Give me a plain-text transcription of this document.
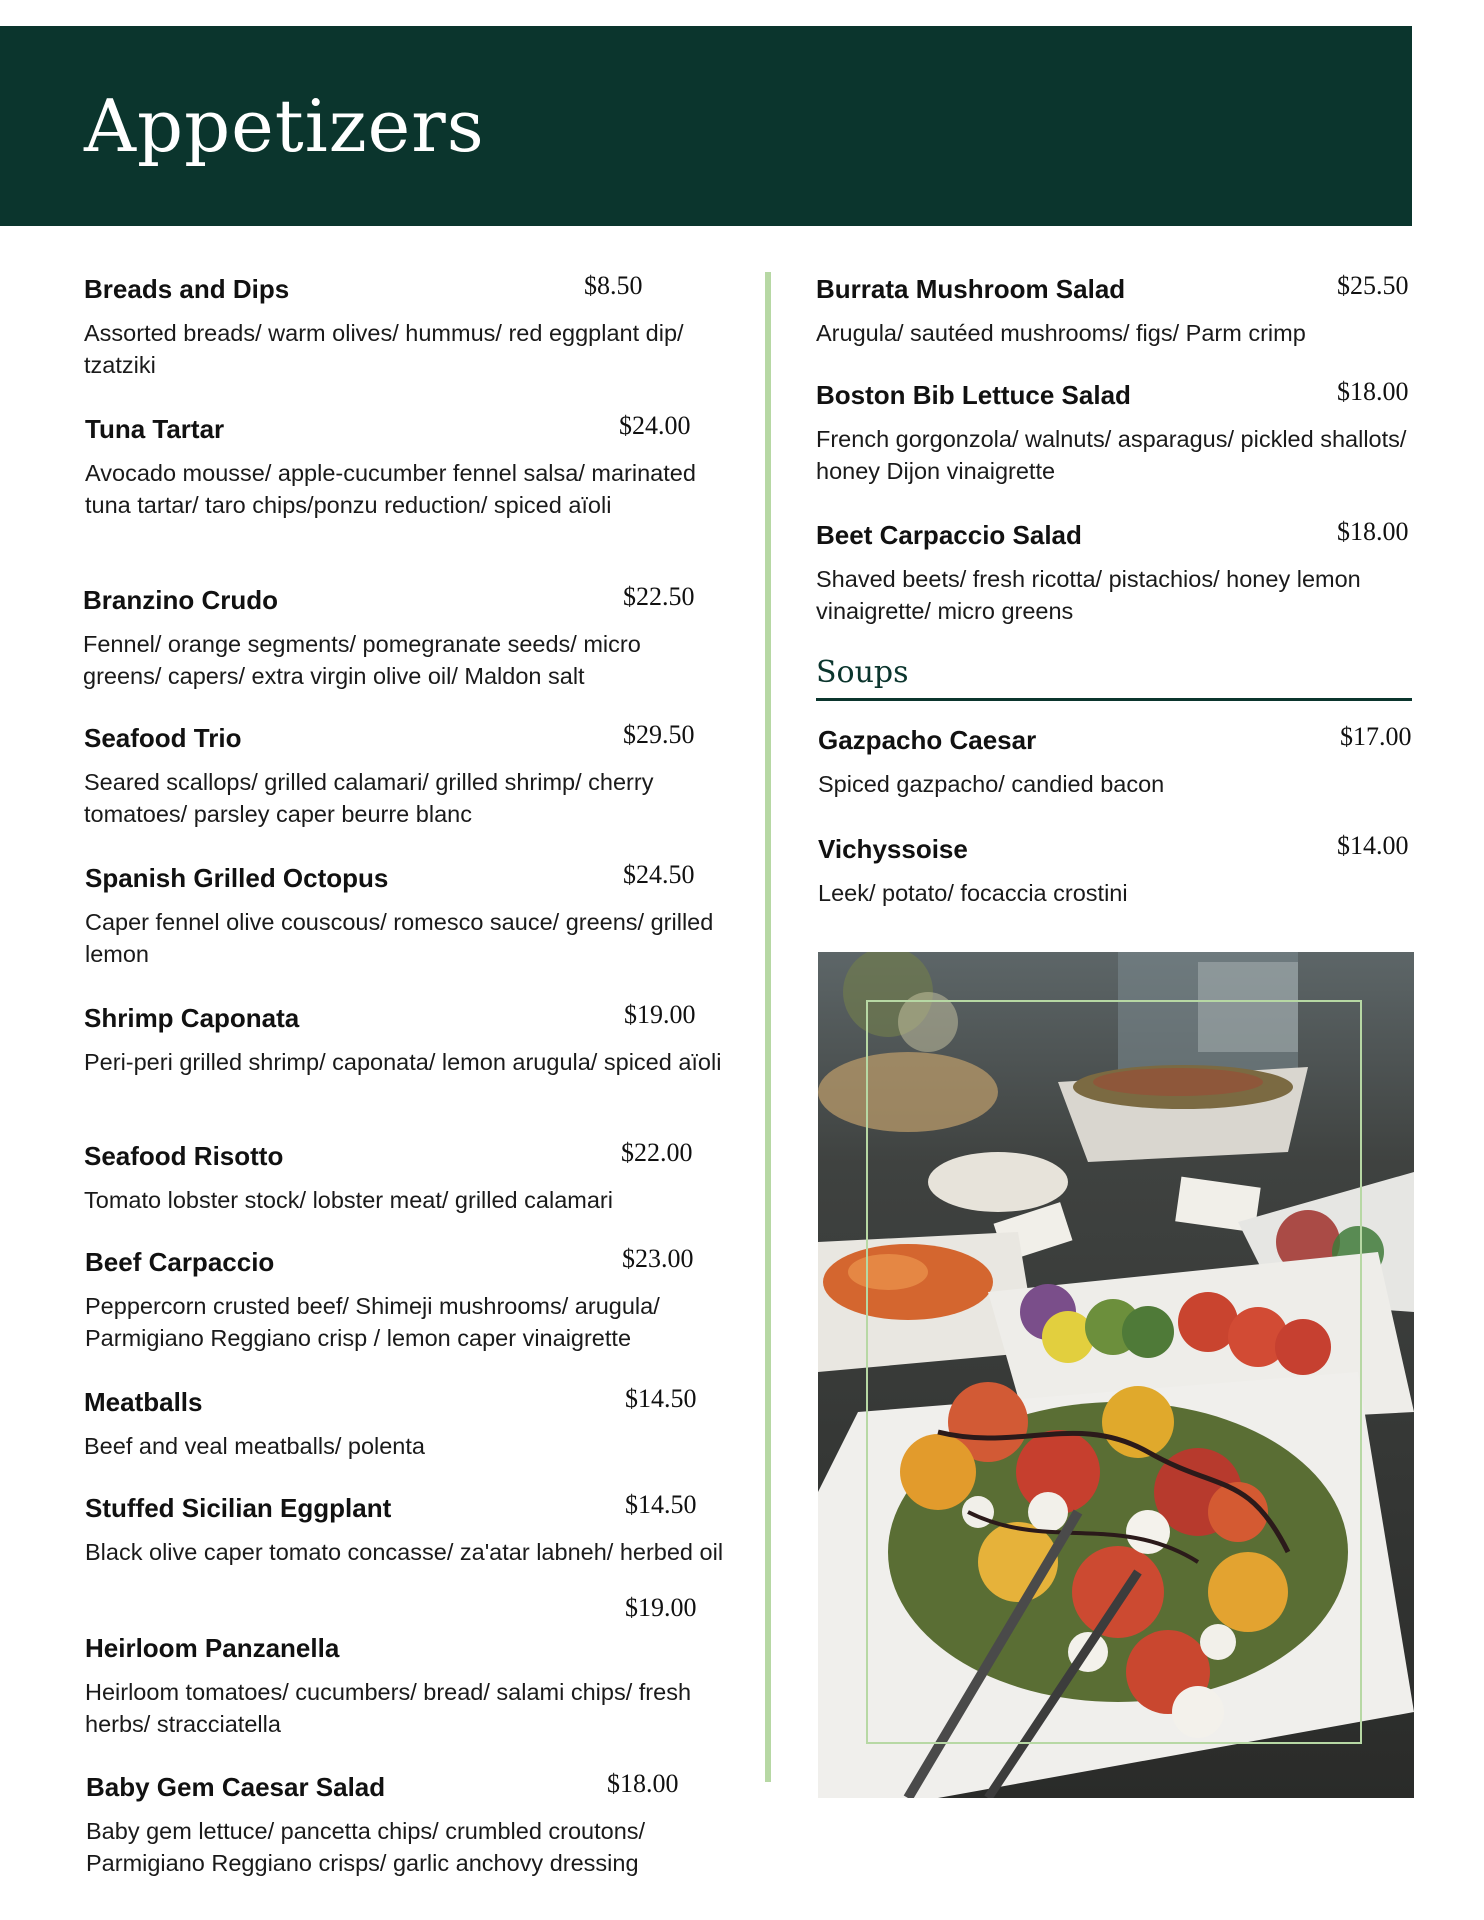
Appetizers
Breads and Dips	$8.50
Assorted breads/ warm olives/ hummus/ red eggplant dip/ tzatziki
Tuna Tartar	$24.00
Avocado mousse/ apple-cucumber fennel salsa/ marinated tuna tartar/ taro chips/ponzu reduction/ spiced aïoli
Branzino Crudo	$22.50
Fennel/ orange segments/ pomegranate seeds/ micro greens/ capers/ extra virgin olive oil/ Maldon salt
Seafood Trio	$29.50
Seared scallops/ grilled calamari/ grilled shrimp/ cherry tomatoes/ parsley caper beurre blanc
Spanish Grilled Octopus	$24.50
Caper fennel olive couscous/ romesco sauce/ greens/ grilled lemon
Shrimp Caponata	$19.00
Peri-peri grilled shrimp/ caponata/ lemon arugula/ spiced aïoli
Seafood Risotto	$22.00
Tomato lobster stock/ lobster meat/ grilled calamari
Beef Carpaccio	$23.00
Peppercorn crusted beef/ Shimeji mushrooms/ arugula/ Parmigiano Reggiano crisp / lemon caper vinaigrette
Meatballs	$14.50
Beef and veal meatballs/ polenta
Stuffed Sicilian Eggplant	$14.50
Black olive caper tomato concasse/ za'atar labneh/ herbed oil
Heirloom Panzanella
$19.00
Heirloom tomatoes/ cucumbers/ bread/ salami chips/ fresh herbs/ stracciatella
Baby Gem Caesar Salad	$18.00
Baby gem lettuce/ pancetta chips/ crumbled croutons/ Parmigiano Reggiano crisps/ garlic anchovy dressing
Burrata Mushroom Salad	$25.50
Arugula/ sautéed mushrooms/ figs/ Parm crimp
Boston Bib Lettuce Salad	$18.00
French gorgonzola/ walnuts/ asparagus/ pickled shallots/ honey Dijon vinaigrette
Beet Carpaccio Salad	$18.00
Shaved beets/ fresh ricotta/ pistachios/ honey lemon vinaigrette/ micro greens
Soups
Gazpacho Caesar	$17.00
Spiced gazpacho/ candied bacon
Vichyssoise	$14.00
Leek/ potato/ focaccia crostini
